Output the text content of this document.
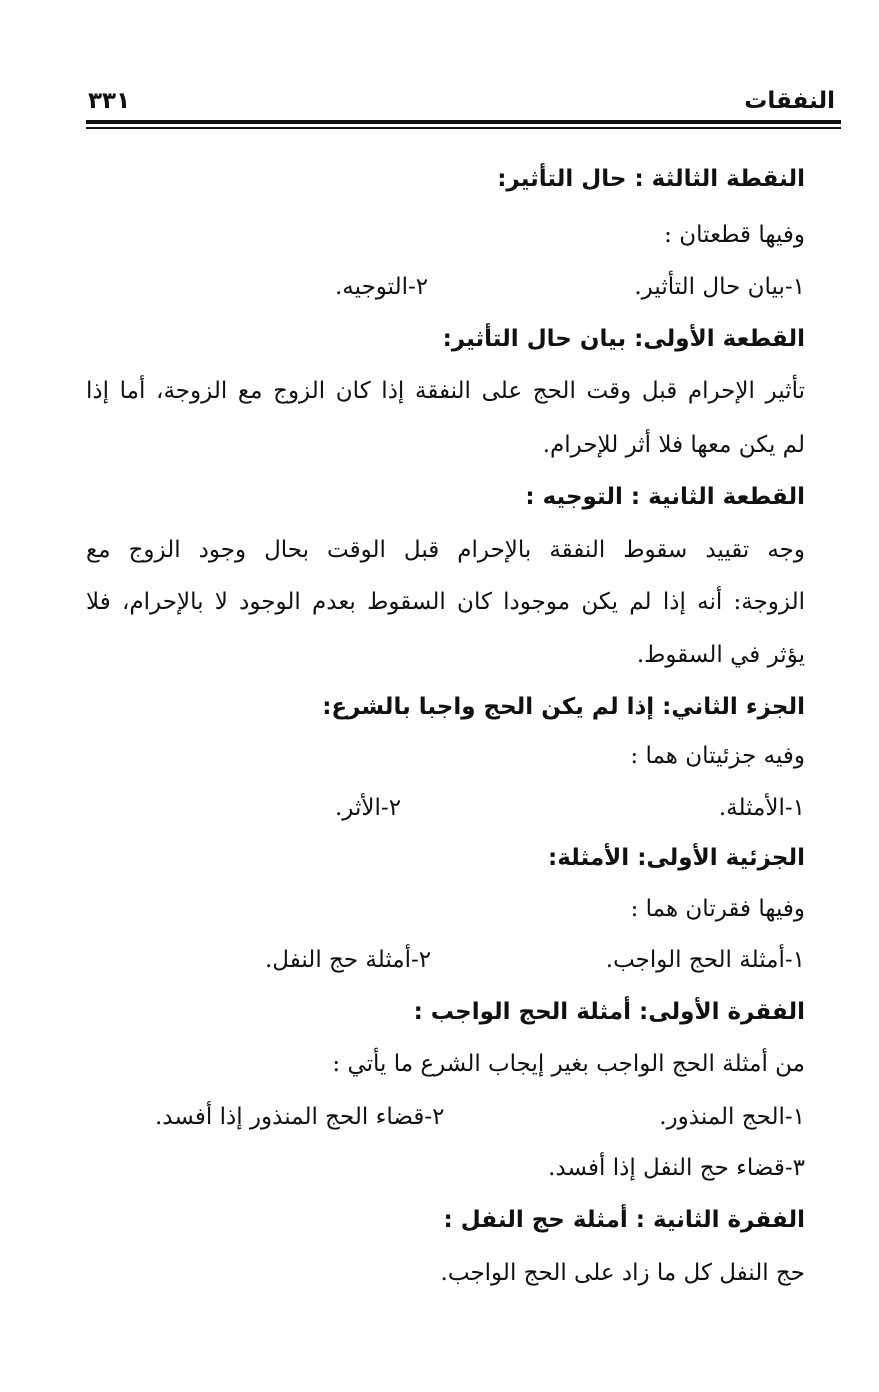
النفقات
٣٣١
النقطة الثالثة : حال التأثير:
وفيها قطعتان :
١-بيان حال التأثير.
٢-التوجيه.
القطعة الأولى: بيان حال التأثير:
تأثير الإحرام قبل وقت الحج على النفقة إذا كان الزوج مع الزوجة، أما إذا
لم يكن معها فلا أثر للإحرام.
القطعة الثانية : التوجيه :
وجه تقييد سقوط النفقة بالإحرام قبل الوقت بحال وجود الزوج مع
الزوجة: أنه إذا لم يكن موجودا كان السقوط بعدم الوجود لا بالإحرام، فلا
يؤثر في السقوط.
الجزء الثاني: إذا لم يكن الحج واجبا بالشرع:
وفيه جزئيتان هما :
١-الأمثلة.
٢-الأثر.
الجزئية الأولى: الأمثلة:
وفيها فقرتان هما :
١-أمثلة الحج الواجب.
٢-أمثلة حج النفل.
الفقرة الأولى: أمثلة الحج الواجب :
من أمثلة الحج الواجب بغير إيجاب الشرع ما يأتي :
١-الحج المنذور.
٢-قضاء الحج المنذور إذا أفسد.
٣-قضاء حج النفل إذا أفسد.
الفقرة الثانية : أمثلة حج النفل :
حج النفل كل ما زاد على الحج الواجب.
